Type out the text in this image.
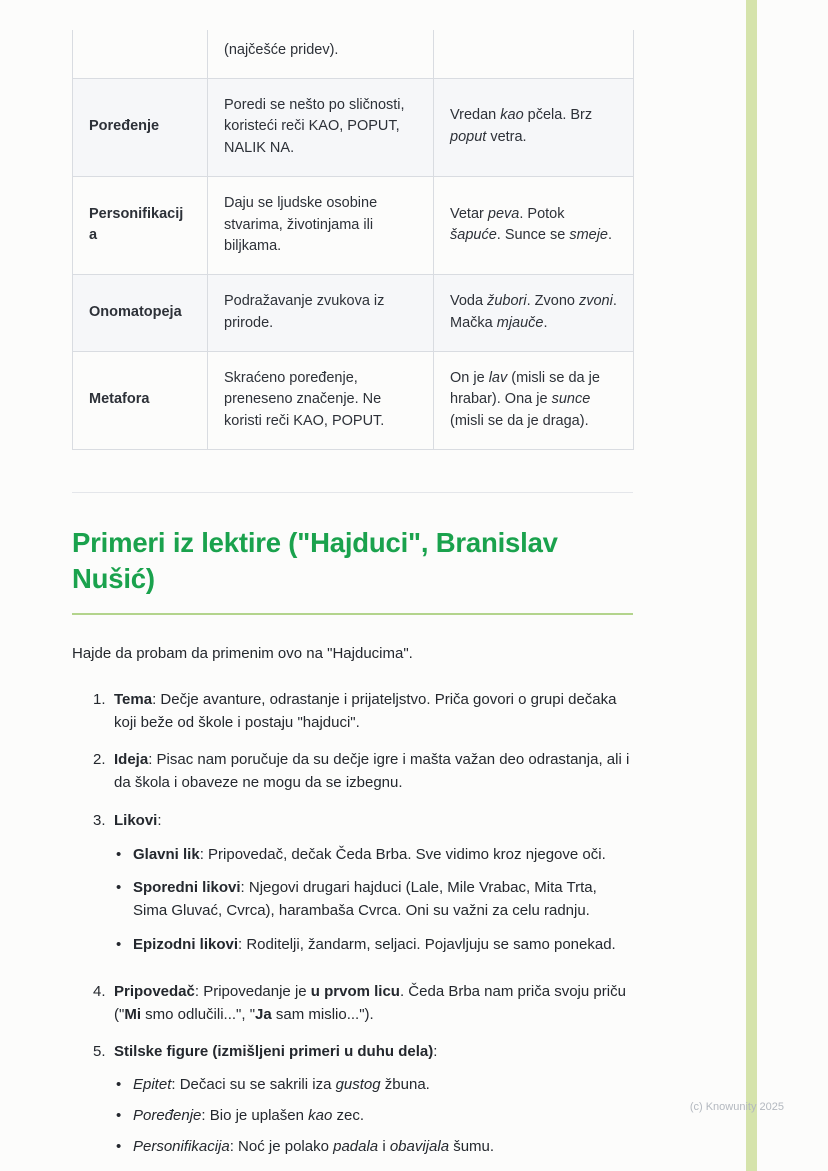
	(najčešće pridev).	
Poređenje	Poredi se nešto po sličnosti, koristeći reči KAO, POPUT, NALIK NA.	Vredan kao pčela. Brz poput vetra.
Personifikacija	Daju se ljudske osobine stvarima, životinjama ili biljkama.	Vetar peva. Potok šapuće. Sunce se smeje.
Onomatopeja	Podražavanje zvukova iz prirode.	Voda žubori. Zvono zvoni. Mačka mjauče.
Metafora	Skraćeno poređenje, preneseno značenje. Ne koristi reči KAO, POPUT.	On je lav (misli se da je hrabar). Ona je sunce (misli se da je draga).
Primeri iz lektire ("Hajduci", Branislav Nušić)

Hajde da probam da primenim ovo na "Hajducima".

1. Tema: Dečje avanture, odrastanje i prijateljstvo. Priča govori o grupi dečaka koji beže od škole i postaju "hajduci".
2. Ideja: Pisac nam poručuje da su dečje igre i mašta važan deo odrastanja, ali i da škola i obaveze ne mogu da se izbegnu.
3. Likovi:
•
Glavni lik: Pripovedač, dečak Čeda Brba. Sve vidimo kroz njegove oči.
•
Sporedni likovi: Njegovi drugari hajduci (Lale, Mile Vrabac, Mita Trta, Sima Gluvać, Cvrca), harambaša Cvrca. Oni su važni za celu radnju.
•
Epizodni likovi: Roditelji, žandarm, seljaci. Pojavljuju se samo ponekad.
4. Pripovedač: Pripovedanje je u prvom licu. Čeda Brba nam priča svoju priču ("Mi smo odlučili...", "Ja sam mislio...").
5. Stilske figure (izmišljeni primeri u duhu dela):
•
Epitet: Dečaci su se sakrili iza gustog žbuna.
•
Poređenje: Bio je uplašen kao zec.
•
Personifikacija: Noć je polako padala i obavijala šumu.
(c) Knowunity 2025
